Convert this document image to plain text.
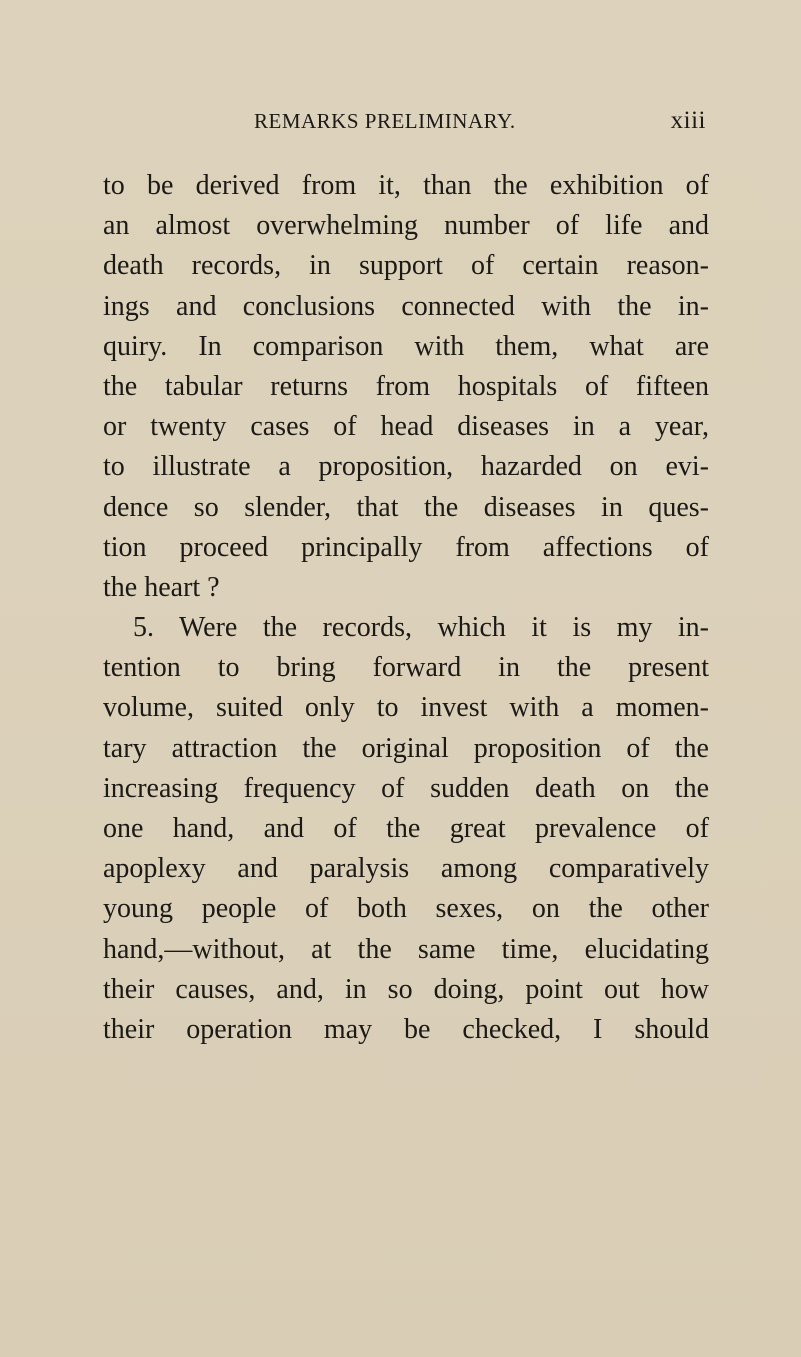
REMARKS PRELIMINARY.	xiii
to be derived from it, than the exhibition of
an almost overwhelming number of life and
death records, in support of certain reason-
ings and conclusions connected with the in-
quiry. In comparison with them, what are
the tabular returns from hospitals of fifteen
or twenty cases of head diseases in a year,
to illustrate a proposition, hazarded on evi-
dence so slender, that the diseases in ques-
tion proceed principally from affections of
the heart ?
5. Were the records, which it is my in-
tention to bring forward in the present
volume, suited only to invest with a momen-
tary attraction the original proposition of the
increasing frequency of sudden death on the
one hand, and of the great prevalence of
apoplexy and paralysis among comparatively
young people of both sexes, on the other
hand,—without, at the same time, elucidating
their causes, and, in so doing, point out how
their operation may be checked, I should
